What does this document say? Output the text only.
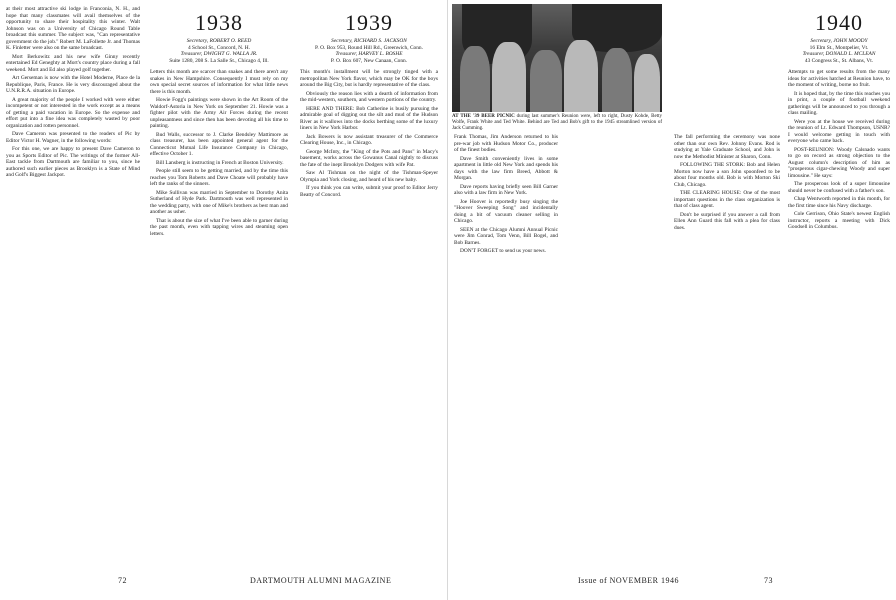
at their most attractive ski lodge in Franconia, N. H., and hope that many classmates will avail themselves of the opportunity to share their hospitality this winter. Walt Johnson was on a University of Chicago Round Table broadcast this summer. The subject was, "Can representative government do the job." Robert M. LaFollette Jr. and Thomas K. Finletter were also on the same broadcast.

Mort Berkowitz and his new wife Ginny recently entertained Ed Geneghty at Mort's country place during a fall weekend. Mort and Ed also played golf together.

Art Gerseman is now with the Hotel Moderne, Place de la Republique, Paris, France. He is very discouraged about the U.N.R.R.A. situation in Europe.

A great majority of the people I worked with were either incompetent or not interested in the work except as a means of getting a paid vacation in Europe. So the expense and effort put into a fine idea was completely wasted by poor organization and rotten personnel.

Dave Cameron was presented to the readers of Pic by Editor Victor H. Wagner, in the following words:

For this one, we are happy to present Dave Cameron to you as Sports Editor of Pic. The writings of the former All-East tackle from Dartmouth are familiar to you, since he authored such earlier pieces as Brooklyn is a State of Mind and Golf's Biggest Jackpot.

1938
Secretary, ROBERT O. REED
4 School St., Concord, N. H.
Treasurer, DWIGHT G. WALLA JR.
Suite 1280, 208 S. La Salle St., Chicago 4, Ill.

Letters this month are scarcer than snakes and there aren't any snakes in New Hampshire. Consequently I must rely on my own special secret sources of information for what little news there is this month.

Howie Fogg's paintings were shown in the Art Room of the Waldorf-Astoria in New York on September 21. Howie was a fighter pilot with the Army Air Forces during the recent unpleasantness and since then has been devoting all his time to painting.

Bud Walls, successor to J. Clarke Bendsley Mattimore as class treasurer, has been appointed general agent for the Connecticut Mutual Life Insurance Company in Chicago, effective October 1.

Bill Lansberg is instructing in French at Boston University.

People still seem to be getting married, and by the time this reaches you Tom Roberts and Dave Choate will probably have left the ranks of the sinners.

Mike Sullivan was married in September to Dorothy Anita Sutherland of Hyde Park. Dartmouth was well represented in the wedding party, with one of Mike's brothers as best man and another as usher.

That is about the size of what I've been able to garner during the past month, even with tapping wires and steaming open letters.

1939
Secretary, RICHARD S. JACKSON
P. O. Box 953, Round Hill Rd., Greenwich, Conn.
Treasurer, HARVEY L. BOSHE
P. O. Box 607, New Canaan, Conn.

This month's installment will be strongly tinged with a metropolitan New York flavor, which may be OK for the boys around the Big City, but is hardly representative of the class.

Obviously the reason lies with a dearth of information from the mid-western, southern, and western portions of the country.

HERE AND THERE: Bob Catherine is busily pursuing the admirable goal of digging out the silt and mud of the Hudson River as it wallows into the docks berthing some of the luxury liners in New York Harbor.

Jack Bowers is now assistant treasurer of the Commerce Clearing House, Inc., in Chicago.

George McInty, the "King of the Pots and Pans" in Macy's basement, works across the Gowanus Canal nightly to discuss the fate of the inept Brooklyn Dodgers with wife Pat.

Saw Al Tishman on the night of the Tishman-Speyer Olympia and York closing, and heard of his new baby.

If you think you can write, submit your proof to Editor Jerry Beatty of Concord.

72	DARTMOUTH ALUMNI MAGAZINE
AT THE '39 BEER PICNIC during last summer's Reunion were, left to right, Dusty Kohde, Betty Wolfe, Frank White and Ted White. Behind are Ted and Bob's gift to the 1945 streamlined version of Jack Cumming.

Frank Thomas, Jim Anderson returned to his pre-war job with Hudson Motor Co., producer of the finest bodies.

Dave Smith conveniently lives in some apartment in little old New York and spends his days with the law firm Breed, Abbott & Morgan.

Dave reports having briefly seen Bill Garner also with a law firm in New York.

Joe Hoover is reportedly busy singing the "Hoover Sweeping Song" and incidentally doing a bit of vacuum cleaner selling in Chicago.

SEEN at the Chicago Alumni Annual Picnic were Jim Conrad, Tom Venn, Bill Bogel, and Bob Barnes.

DON'T FORGET to send us your news.

The fall performing the ceremony was none other than our own Rev. Johnny Evans. Rod is studying at Yale Graduate School, and John is now the Methodist Minister at Sharon, Conn.

FOLLOWING THE STORK: Bob and Helen Morton now have a son John spoonfeed to be about four months old. Bob is with Morton Ski Club, Chicago.

THE CLEARING HOUSE: One of the most important questions in the class organization is that of class agent.

Don't be surprised if you answer a call from Ellen Ann Guard this fall with a plea for class dues.

1940
Secretary, JOHN MOODY
16 Elm St., Montpelier, Vt.
Treasurer, DONALD L. MCLEAN
43 Congress St., St. Albans, Vt.

Attempts to get some results from the many ideas for activities hatched at Reunion have, to the moment of writing, borne no fruit.

It is hoped that, by the time this reaches you in print, a couple of football weekend gatherings will be announced to you through a class mailing.

Were you at the house we received during the reunion of Lt. Edward Thompson, USNR? I would welcome getting in touch with everyone who came back.

POST-REUNION: Woody Calsnado wants to go on record as strong objection to the August column's description of him as "prosperous cigar-chewing Woody and super limousine." He says:

The prosperous look of a super limousine should never be confused with a father's son.

Chap Wentworth reported in this month, for the first time since his Navy discharge.

Cole Gerrison, Ohio State's newest English instructor, reports a meeting with Dick Goodsell in Columbus.

Issue of NOVEMBER 1946	73
